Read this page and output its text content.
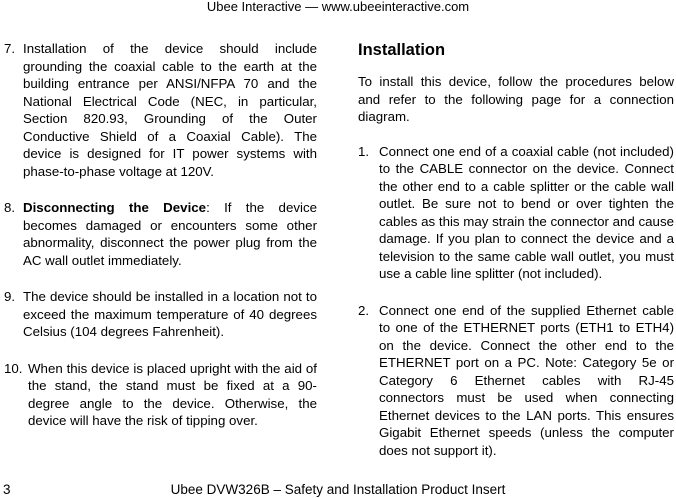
Ubee Interactive — www.ubeeinteractive.com
7. Installation of the device should include grounding the coaxial cable to the earth at the building entrance per ANSI/NFPA 70 and the National Electrical Code (NEC, in particular, Section 820.93, Grounding of the Outer Conductive Shield of a Coaxial Cable). The device is designed for IT power systems with phase-to-phase voltage at 120V.
8. Disconnecting the Device: If the device becomes damaged or encounters some other abnormality, disconnect the power plug from the AC wall outlet immediately.
9. The device should be installed in a location not to exceed the maximum temperature of 40 degrees Celsius (104 degrees Fahrenheit).
10. When this device is placed upright with the aid of the stand, the stand must be fixed at a 90-degree angle to the device. Otherwise, the device will have the risk of tipping over.
Installation
To install this device, follow the procedures below and refer to the following page for a connection diagram.
1. Connect one end of a coaxial cable (not included) to the CABLE connector on the device. Connect the other end to a cable splitter or the cable wall outlet. Be sure not to bend or over tighten the cables as this may strain the connector and cause damage. If you plan to connect the device and a television to the same cable wall outlet, you must use a cable line splitter (not included).
2. Connect one end of the supplied Ethernet cable to one of the ETHERNET ports (ETH1 to ETH4) on the device. Connect the other end to the ETHERNET port on a PC. Note: Category 5e or Category 6 Ethernet cables with RJ-45 connectors must be used when connecting Ethernet devices to the LAN ports. This ensures Gigabit Ethernet speeds (unless the computer does not support it).
3	Ubee DVW326B – Safety and Installation Product Insert
